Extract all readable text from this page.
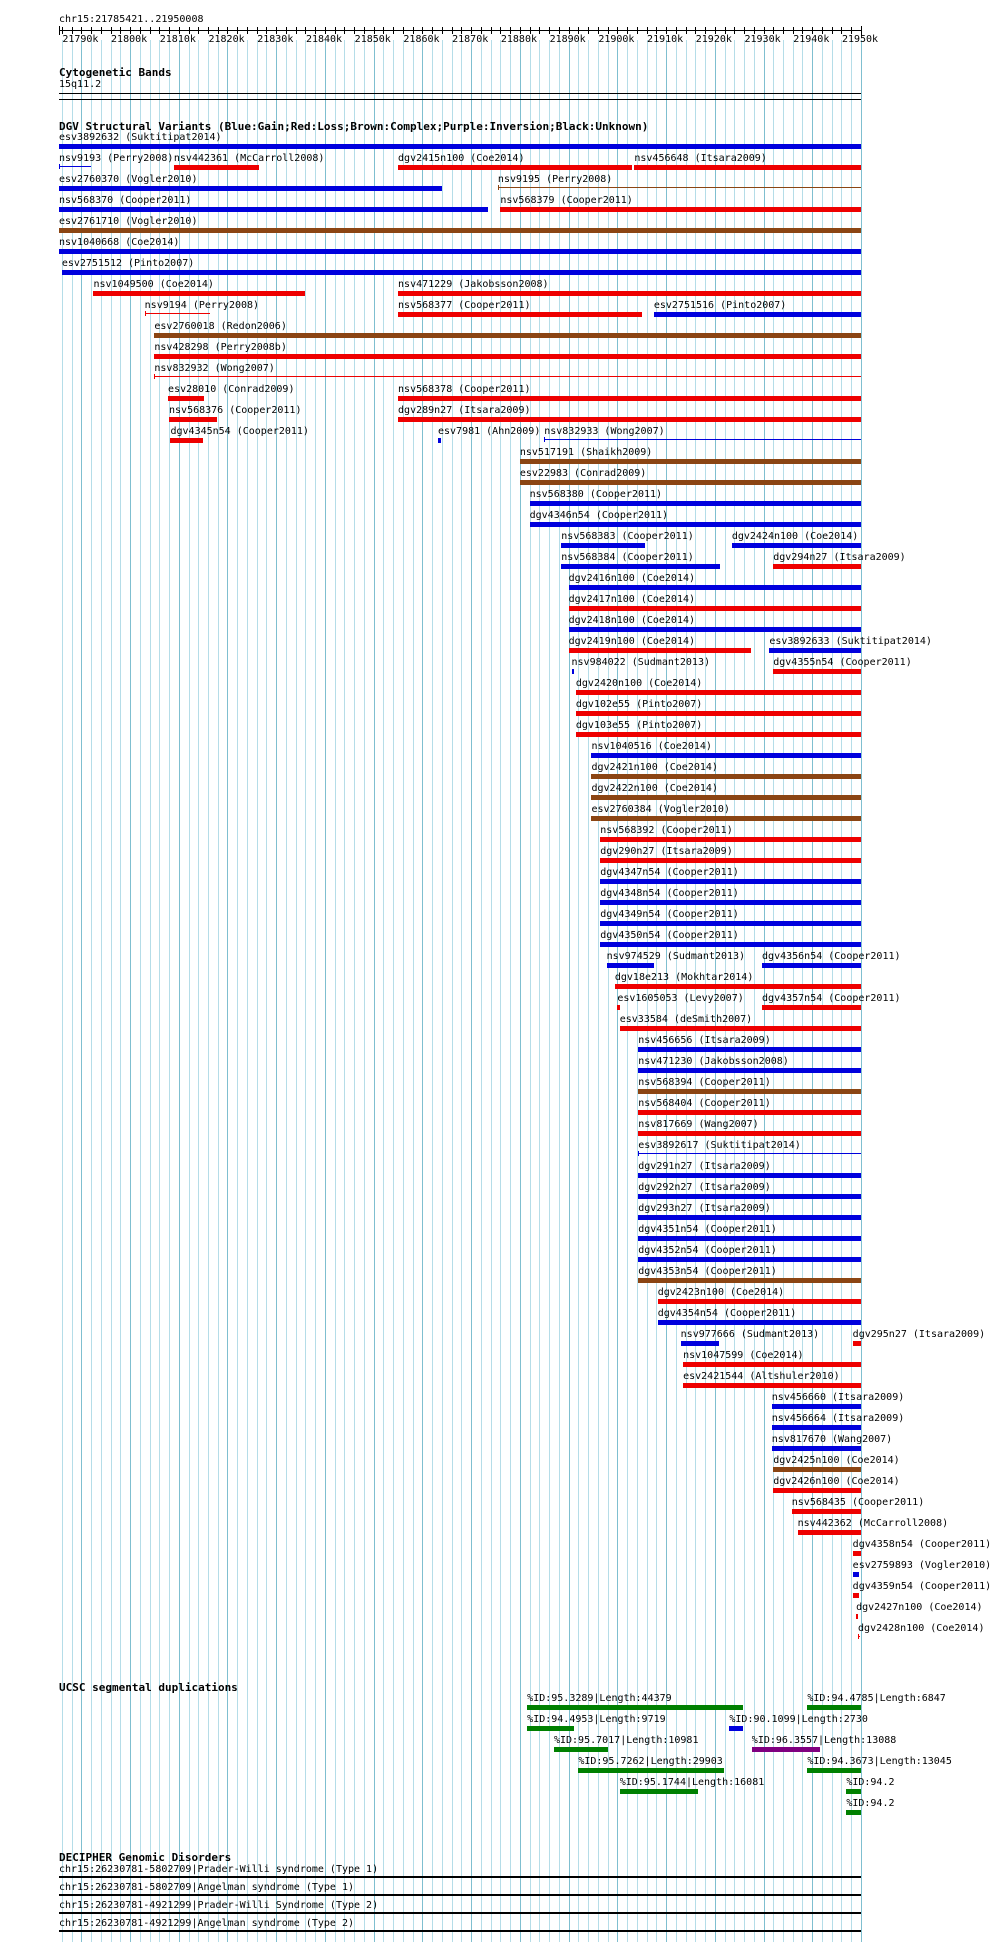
chr15:21785421..21950008
Cytogenetic Bands
15q11.2
DGV Structural Variants (Blue:Gain;Red:Loss;Brown:Complex;Purple:Inversion;Black:Unknown)
esv3892632 (Suktitipat2014)
nsv9193 (Perry2008) nsv442361 (McCarroll2008)	dgv2415n100 (Coe2014)	nsv456648 (Itsara2009)
esv2760370 (Vogler2010)	nsv9195 (Perry2008)
nsv568370 (Cooper2011)	nsv568379 (Cooper2011)
esv2761710 (Vogler2010)
nsv1040668 (Coe2014)
esv2751512 (Pinto2007)
nsv1049500 (Coe2014)	nsv471229 (Jakobsson2008)
nsv9194 (Perry2008)	nsv568377 (Cooper2011)	esv2751516 (Pinto2007)
esv2760018 (Redon2006)
nsv428298 (Perry2008b)
nsv832932 (Wong2007)
esv28010 (Conrad2009)	nsv568378 (Cooper2011)
nsv568376 (Cooper2011)	dgv289n27 (Itsara2009)
dgv4345n54 (Cooper2011)	esv7981 (Ahn2009) nsv832933 (Wong2007)
nsv517191 (Shaikh2009)
esv22983 (Conrad2009)
nsv568380 (Cooper2011)
dgv4346n54 (Cooper2011)
nsv568383 (Cooper2011)	dgv2424n100 (Coe2014)
nsv568384 (Cooper2011)	dgv294n27 (Itsara2009)
dgv2416n100 (Coe2014)
dgv2417n100 (Coe2014)
dgv2418n100 (Coe2014)
dgv2419n100 (Coe2014)	esv3892633 (Suktitipat2014)
nsv984022 (Sudmant2013)	dgv4355n54 (Cooper2011)
dgv2420n100 (Coe2014)
dgv102e55 (Pinto2007)
dgv103e55 (Pinto2007)
nsv1040516 (Coe2014)
dgv2421n100 (Coe2014)
dgv2422n100 (Coe2014)
esv2760384 (Vogler2010)
nsv568392 (Cooper2011)
dgv290n27 (Itsara2009)
dgv4347n54 (Cooper2011)
dgv4348n54 (Cooper2011)
dgv4349n54 (Cooper2011)
dgv4350n54 (Cooper2011)
nsv974529 (Sudmant2013) dgv4356n54 (Cooper2011)
dgv18e213 (Mokhtar2014)
esv1605053 (Levy2007) dgv4357n54 (Cooper2011)
esv33584 (deSmith2007)
nsv456656 (Itsara2009)
nsv471230 (Jakobsson2008)
nsv568394 (Cooper2011)
nsv568404 (Cooper2011)
nsv817669 (Wang2007)
esv3892617 (Suktitipat2014)
dgv291n27 (Itsara2009)
dgv292n27 (Itsara2009)
dgv293n27 (Itsara2009)
dgv4351n54 (Cooper2011)
dgv4352n54 (Cooper2011)
dgv4353n54 (Cooper2011)
dgv2423n100 (Coe2014)
dgv4354n54 (Cooper2011)
nsv977666 (Sudmant2013)	dgv295n27 (Itsara2009)
nsv1047599 (Coe2014)
esv2421544 (Altshuler2010)
nsv456660 (Itsara2009)
nsv456664 (Itsara2009)
nsv817670 (Wang2007)
dgv2425n100 (Coe2014)
dgv2426n100 (Coe2014)
nsv568435 (Cooper2011)
nsv442362 (McCarroll2008)
dgv4358n54 (Cooper2011)
esv2759893 (Vogler2010)
dgv4359n54 (Cooper2011)
dgv2427n100 (Coe2014)
dgv2428n100 (Coe2014)
UCSC segmental duplications
%ID:95.3289|Length:44379	%ID:94.4785|Length:6847
%ID:94.4953|Length:9719	%ID:90.1099|Length:2730
%ID:95.7017|Length:10981	%ID:96.3557|Length:13088
%ID:95.7262|Length:29903	%ID:94.3673|Length:13045
%ID:95.1744|Length:16081	%ID:94.2
%ID:94.2
DECIPHER Genomic Disorders
chr15:26230781-5802709|Prader-Willi syndrome (Type 1)
chr15:26230781-5802709|Angelman syndrome (Type 1)
chr15:26230781-4921299|Prader-Willi Syndrome (Type 2)
chr15:26230781-4921299|Angelman syndrome (Type 2)
21790k 21800k 21810k 21820k 21830k 21840k 21850k 21860k 21870k 21880k 21890k 21900k 21910k 21920k 21930k 21940k 21950k
